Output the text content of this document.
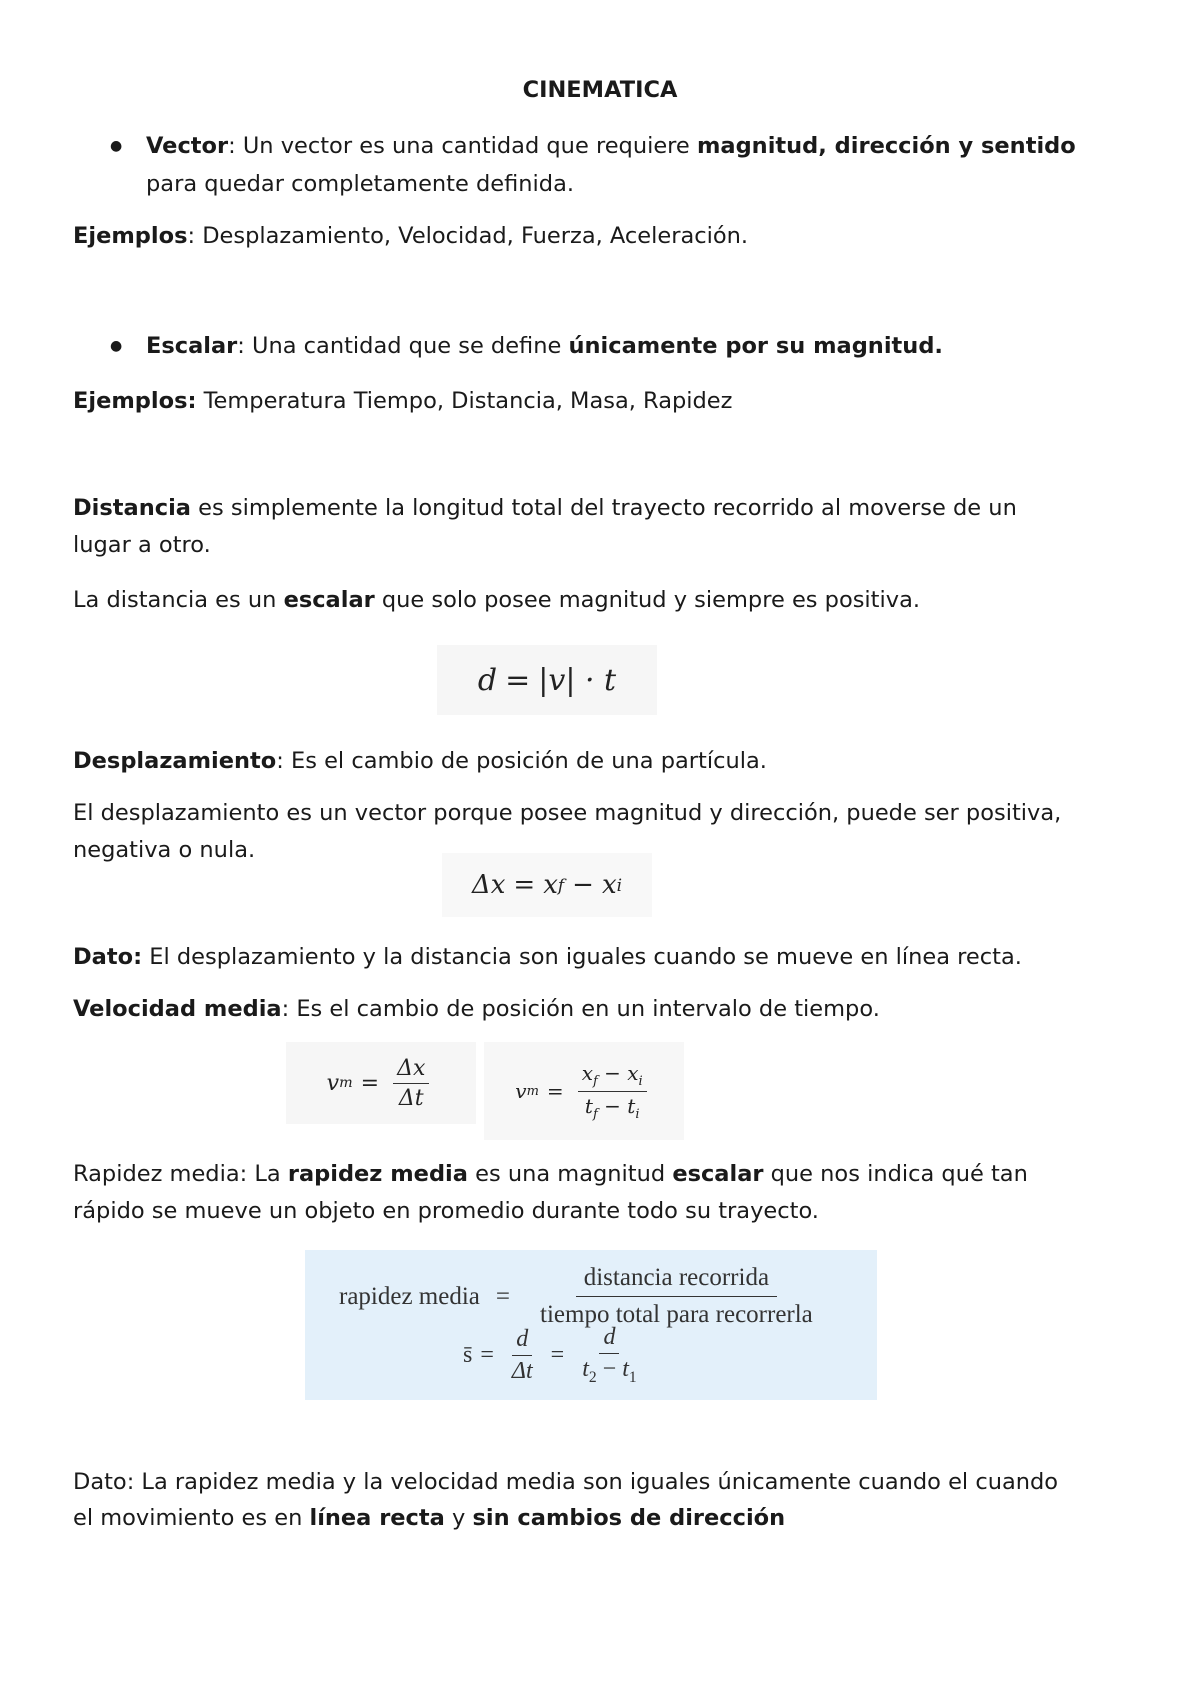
CINEMATICA
● Vector: Un vector es una cantidad que requiere magnitud, dirección y sentido
para quedar completamente definida.
Ejemplos: Desplazamiento, Velocidad, Fuerza, Aceleración.
● Escalar: Una cantidad que se define únicamente por su magnitud.
Ejemplos: Temperatura Tiempo, Distancia, Masa, Rapidez
Distancia es simplemente la longitud total del trayecto recorrido al moverse de un
lugar a otro.
La distancia es un escalar que solo posee magnitud y siempre es positiva.
d = |v| · t
Desplazamiento: Es el cambio de posición de una partícula.
El desplazamiento es un vector porque posee magnitud y dirección, puede ser positiva,
negativa o nula.
Δx = x f − x i
Dato: El desplazamiento y la distancia son iguales cuando se mueve en línea recta.
Velocidad media: Es el cambio de posición en un intervalo de tiempo.
v $m = \frac{\Delta x}{\Delta t}$	v $m = \frac{x_f - x_i}{t_f - t_i}$
Rapidez media: La rapidez media es una magnitud escalar que nos indica qué tan
rápido se mueve un objeto en promedio durante todo su trayecto.
rapidez media = $\frac{\text{distancia recorrida}}{\text{tiempo total para recorrerla}}$
s̄ = $\frac{d}{\Delta t} = \frac{d}{t_2 - t_1}$
Dato: La rapidez media y la velocidad media son iguales únicamente cuando el cuando
el movimiento es en línea recta y sin cambios de dirección
